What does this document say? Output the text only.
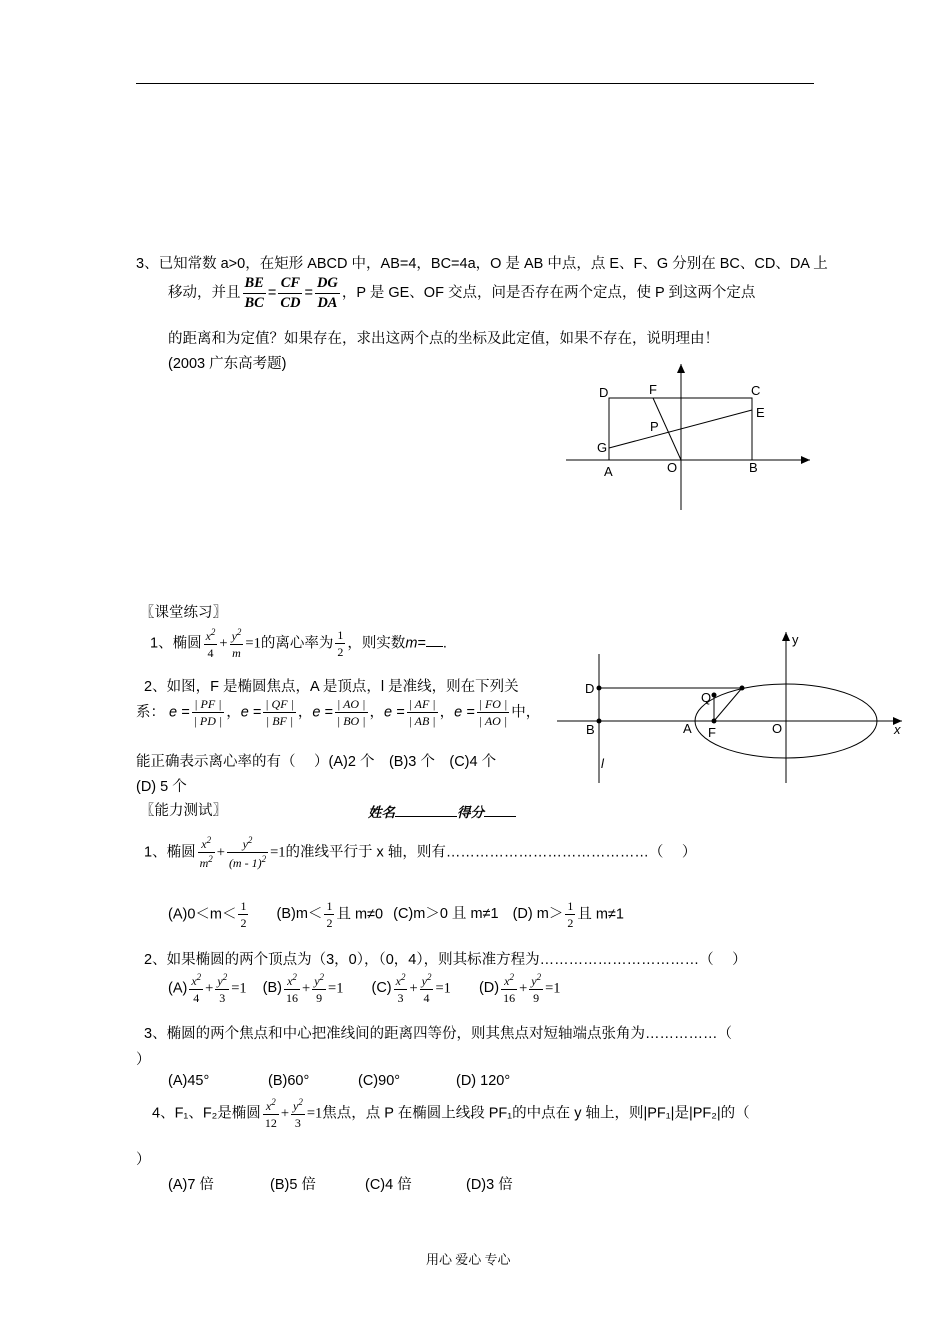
3、已知常数 a>0，在矩形 ABCD 中，AB=4，BC=4a，O 是 AB 中点，点 E、F、G 分别在 BC、CD、DA 上
移动，并且 $\frac{BE}{BC} = \frac{CF}{CD} = \frac{DG}{DA}$ ，P 是 GE、OF 交点，问是否存在两个定点，使 P 到这两个定点
的距离和为定值？如果存在，求出这两个点的坐标及此定值，如果不存在，说明理由！
(2003 广东高考题)
D	F	C
E
P
G
A	O	B
〖课堂练习〗
1、椭圆 $\frac{x^2}{4} + \frac{y^2}{m} =1$的离心率为 $\frac{1}{2}$ ，则实数m= .
2、如图，F 是椭圆焦点，A 是顶点，l 是准线，则在下列关
系： $e = \frac{| PF |}{| PD |}$ ，$e = \frac{| QF |}{| BF |}$ ，$e = \frac{| AO |}{| BO |}$ ，$e = \frac{| AF |}{| AB |}$ ，$e = \frac{| FO |}{| AO |}$ 中，
能正确表示离心率的有（　 ）(A)2 个　(B)3 个　(C)4 个
(D) 5 个
y
D
Q
B	A F	O	x
l
〖能力测试〗	姓名	得分
1、椭圆 $\frac{x^2}{m^2} + \frac{y^2}{(m - 1)^2} =1$的准线平行于 x 轴，则有……………………………………（　 ）
$(A)0<m< \frac{1}{2} (B)m< \frac{1}{2}$ 且 m≠0 (C)m＞0 且 m≠1 (D) $m> \frac{1}{2}$ 且 m≠1
2、如果椭圆的两个顶点为（3，0），（0，4），则其标准方程为……………………………（　 ）
$(A) \frac{x^2}{4} + \frac{y^2}{3} =1$ $(B) \frac{x^2}{16} + \frac{y^2}{9} =1$ $(C) \frac{x^2}{3} + \frac{y^2}{4} =1$ $(D) \frac{x^2}{16} + \frac{y^2}{9} =1$
3、椭圆的两个焦点和中心把准线间的距离四等份，则其焦点对短轴端点张角为……………（
）
(A)45°	(B)60°	(C)90°	(D) 120°
4、F₁、F₂是椭圆 $\frac{x^2}{12} + \frac{y^2}{3} =1$焦点，点 P 在椭圆上线段 PF₁的中点在 y 轴上，则|PF₁|是|PF₂|的（
）
(A)7 倍	(B)5 倍	(C)4 倍	(D)3 倍
用心 爱心 专心
